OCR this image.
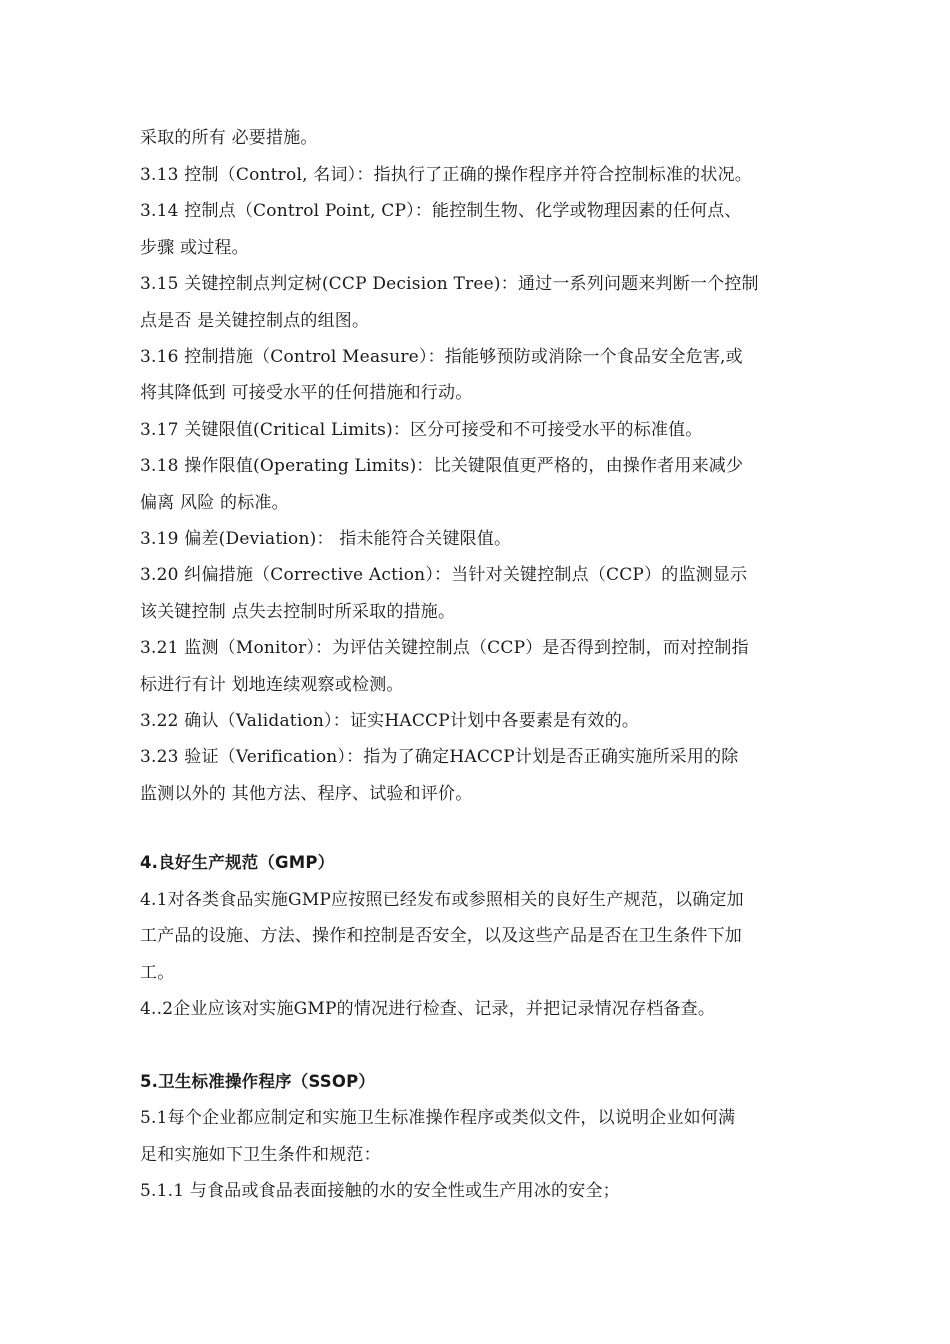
采取的所有 必要措施。
3.13 控制（Control, 名词）：指执行了正确的操作程序并符合控制标准的状况。
3.14 控制点（Control Point, CP）：能控制生物、化学或物理因素的任何点、
步骤 或过程。
3.15 关键控制点判定树(CCP Decision Tree)：通过一系列问题来判断一个控制
点是否 是关键控制点的组图。
3.16 控制措施（Control Measure）：指能够预防或消除一个食品安全危害,或
将其降低到 可接受水平的任何措施和行动。
3.17 关键限值(Critical Limits)：区分可接受和不可接受水平的标准值。
3.18 操作限值(Operating Limits)：比关键限值更严格的，由操作者用来减少
偏离 风险 的标准。
3.19 偏差(Deviation)： 指未能符合关键限值。
3.20 纠偏措施（Corrective Action）：当针对关键控制点（CCP）的监测显示
该关键控制 点失去控制时所采取的措施。
3.21 监测（Monitor）：为评估关键控制点（CCP）是否得到控制，而对控制指
标进行有计 划地连续观察或检测。
3.22 确认（Validation）：证实HACCP计划中各要素是有效的。
3.23 验证（Verification）：指为了确定HACCP计划是否正确实施所采用的除
监测以外的 其他方法、程序、试验和评价。
4.良好生产规范（GMP）
4.1对各类食品实施GMP应按照已经发布或参照相关的良好生产规范，以确定加
工产品的设施、方法、操作和控制是否安全，以及这些产品是否在卫生条件下加
工。
4..2企业应该对实施GMP的情况进行检查、记录，并把记录情况存档备查。
5.卫生标准操作程序（SSOP）
5.1每个企业都应制定和实施卫生标准操作程序或类似文件，以说明企业如何满
足和实施如下卫生条件和规范：
5.1.1 与食品或食品表面接触的水的安全性或生产用冰的安全；
